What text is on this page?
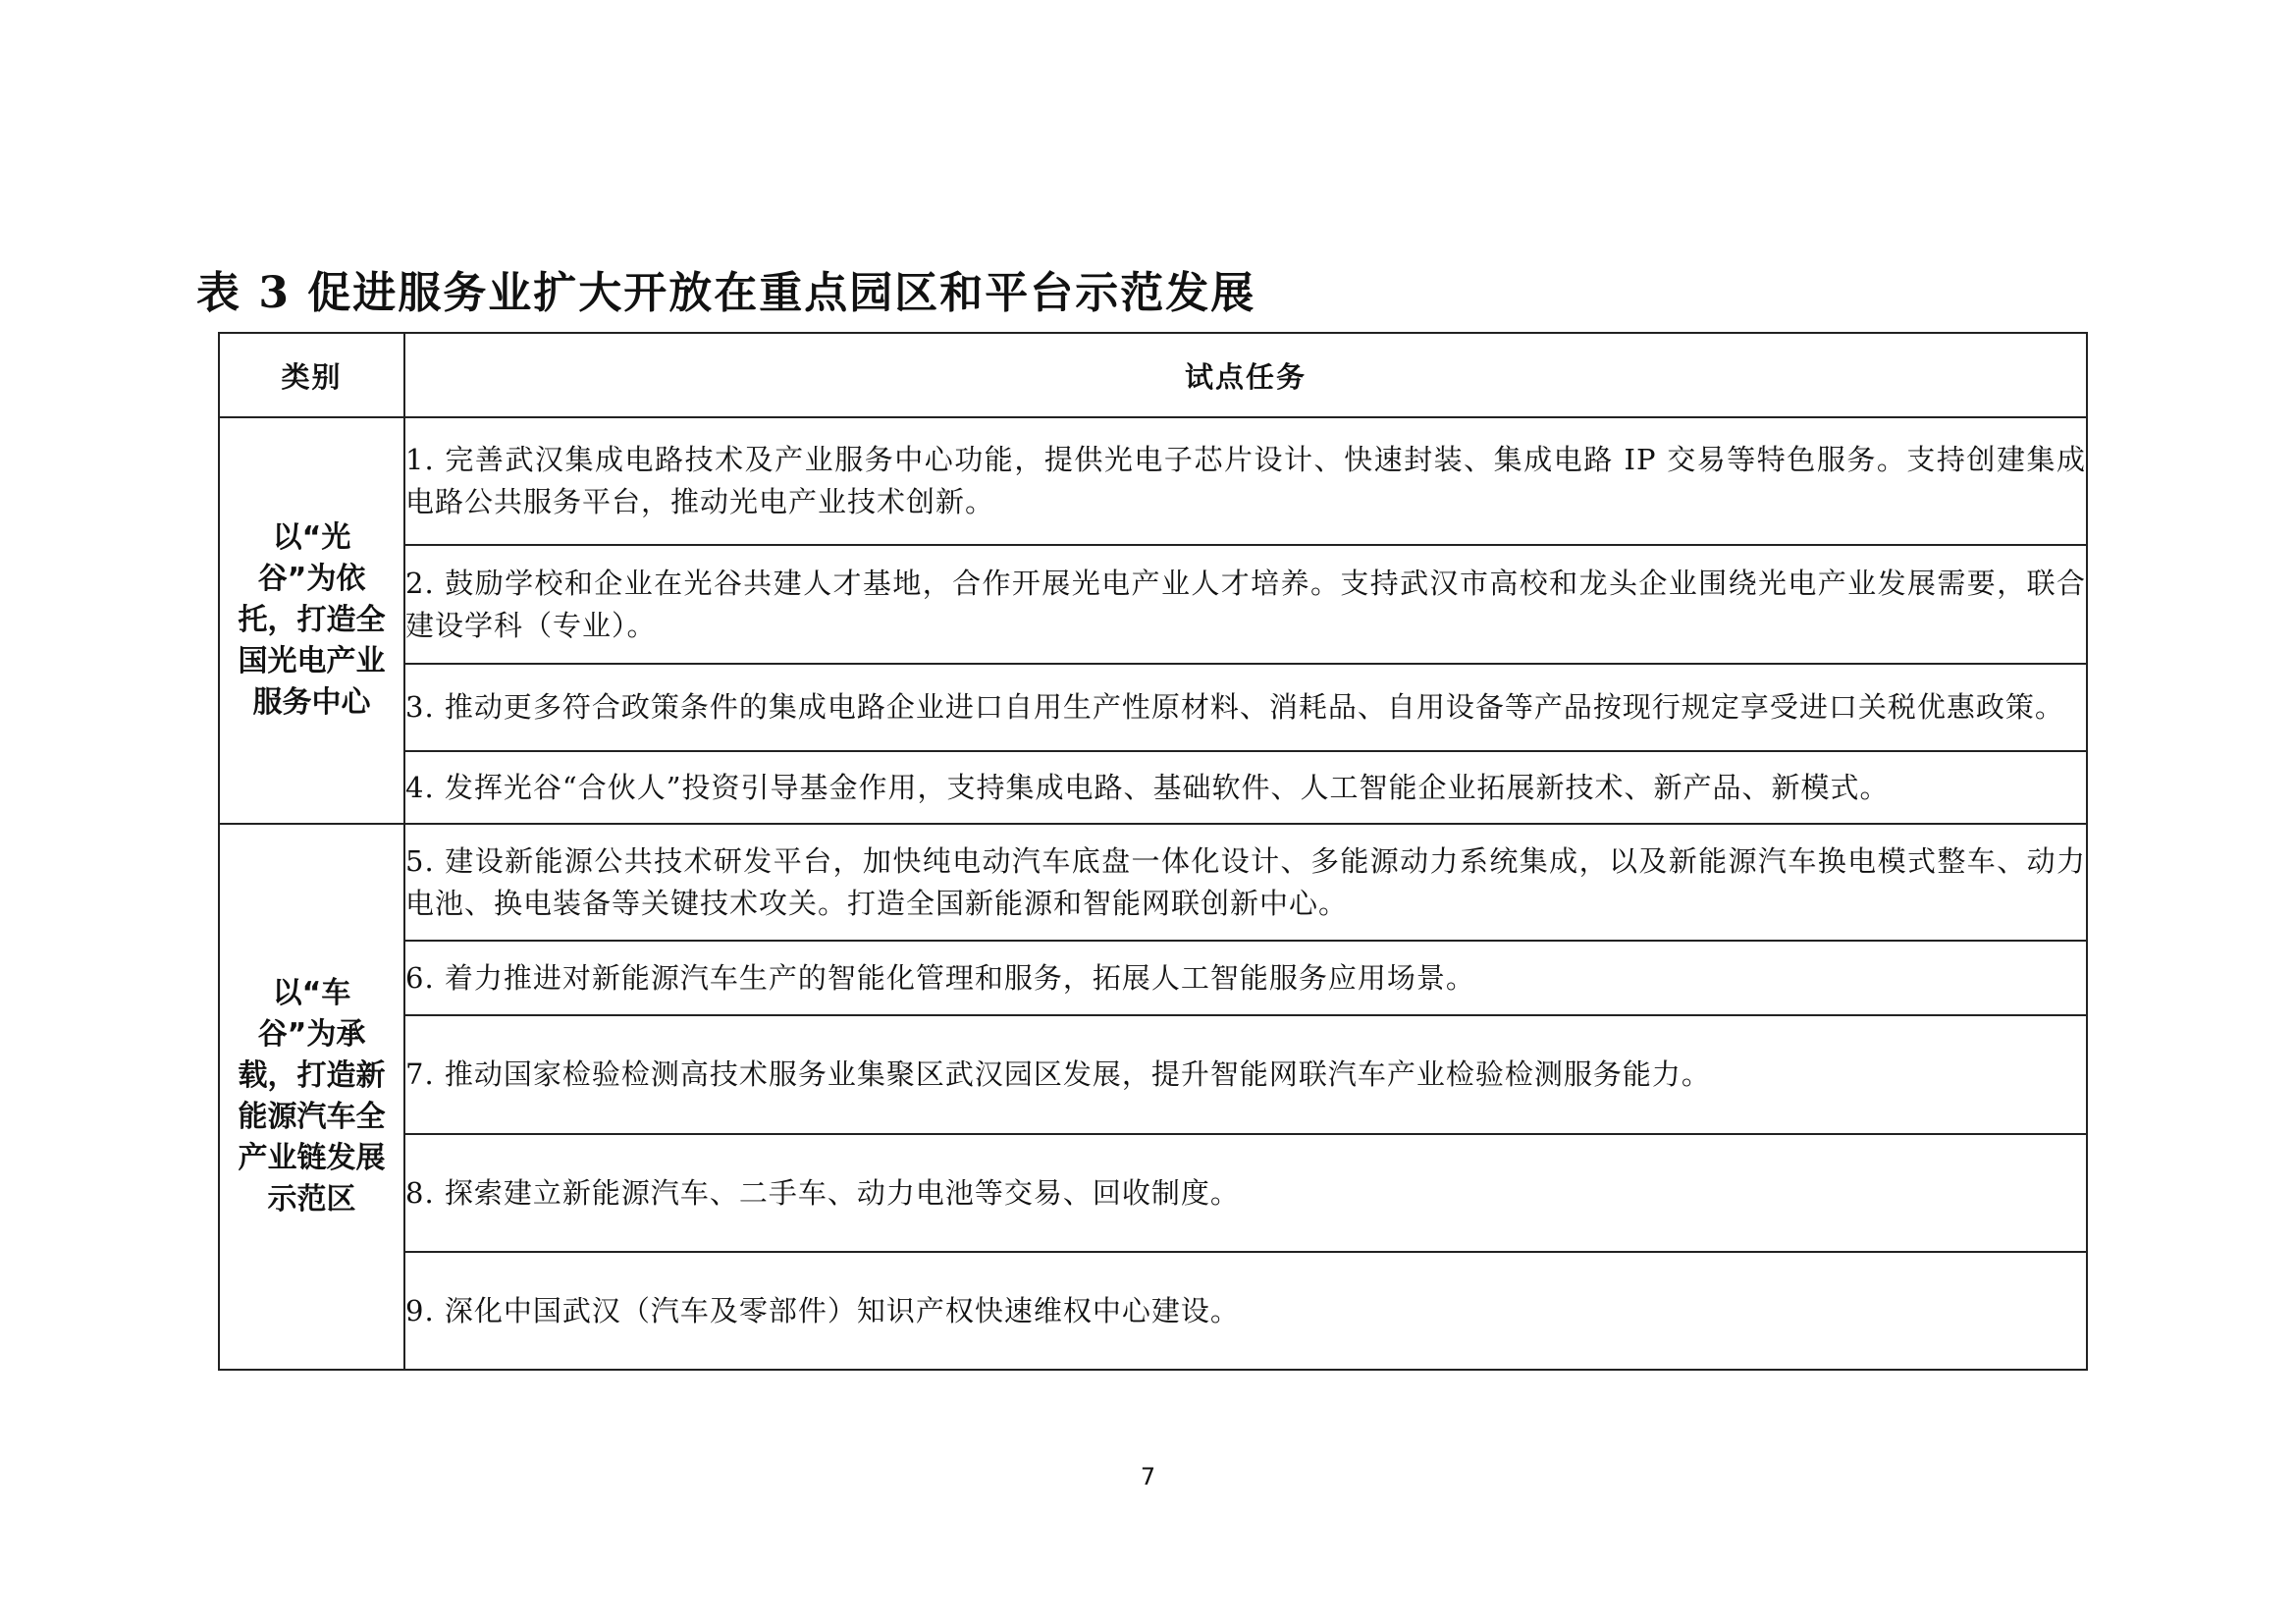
表 3 促进服务业扩大开放在重点园区和平台示范发展
类别	试点任务
以“光谷”为依托，打造全国光电产业服务中心	1. 完善武汉集成电路技术及产业服务中心功能，提供光电子芯片设计、快速封装、集成电路 IP 交易等特色服务。支持创建集成电路公共服务平台，推动光电产业技术创新。
	2. 鼓励学校和企业在光谷共建人才基地，合作开展光电产业人才培养。支持武汉市高校和龙头企业围绕光电产业发展需要，联合建设学科（专业）。
	3. 推动更多符合政策条件的集成电路企业进口自用生产性原材料、消耗品、自用设备等产品按现行规定享受进口关税优惠政策。
	4. 发挥光谷“合伙人”投资引导基金作用，支持集成电路、基础软件、人工智能企业拓展新技术、新产品、新模式。
以“车谷”为承载，打造新能源汽车全产业链发展示范区	5. 建设新能源公共技术研发平台，加快纯电动汽车底盘一体化设计、多能源动力系统集成，以及新能源汽车换电模式整车、动力电池、换电装备等关键技术攻关。打造全国新能源和智能网联创新中心。
	6. 着力推进对新能源汽车生产的智能化管理和服务，拓展人工智能服务应用场景。
	7. 推动国家检验检测高技术服务业集聚区武汉园区发展，提升智能网联汽车产业检验检测服务能力。
	8. 探索建立新能源汽车、二手车、动力电池等交易、回收制度。
	9. 深化中国武汉（汽车及零部件）知识产权快速维权中心建设。
7
